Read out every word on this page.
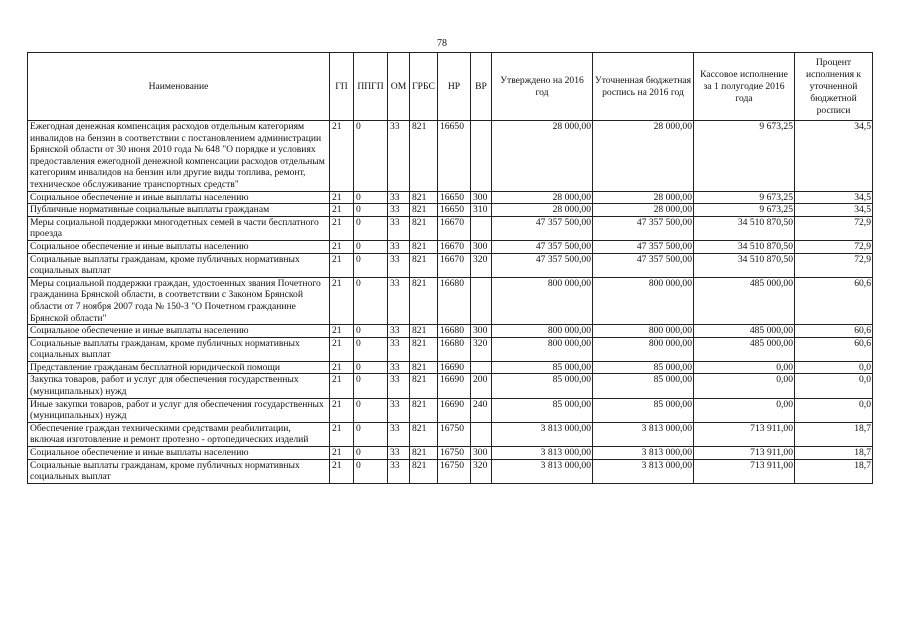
78
Наименование	ГП	ППГП	ОМ	ГРБС	НР	ВР	Утверждено на 2016 год	Уточненная бюджетная роспись на 2016 год	Кассовое исполнение за 1 полугодие 2016 года	Процент исполнения к уточненной бюджетной росписи
Ежегодная денежная компенсация расходов отдельным категориям инвалидов на бензин в соответствии с постановлением администрации Брянской области от 30 июня 2010 года № 648 "О порядке и условиях предоставления ежегодной денежной компенсации расходов отдельным категориям инвалидов на бензин или другие виды топлива, ремонт, техническое обслуживание транспортных средств"	21	0	33	821	16650		28 000,00	28 000,00	9 673,25	34,5
Социальное обеспечение и иные выплаты населению	21	0	33	821	16650	300	28 000,00	28 000,00	9 673,25	34,5
Публичные нормативные социальные выплаты гражданам	21	0	33	821	16650	310	28 000,00	28 000,00	9 673,25	34,5
Меры социальной поддержки многодетных семей в части бесплатного проезда	21	0	33	821	16670		47 357 500,00	47 357 500,00	34 510 870,50	72,9
Социальное обеспечение и иные выплаты населению	21	0	33	821	16670	300	47 357 500,00	47 357 500,00	34 510 870,50	72,9
Социальные выплаты гражданам, кроме публичных нормативных социальных выплат	21	0	33	821	16670	320	47 357 500,00	47 357 500,00	34 510 870,50	72,9
Меры социальной поддержки граждан, удостоенных звания Почетного гражданина Брянской области, в соответствии с Законом Брянской области от 7 ноября 2007 года № 150-З "О Почетном гражданине Брянской области"	21	0	33	821	16680		800 000,00	800 000,00	485 000,00	60,6
Социальное обеспечение и иные выплаты населению	21	0	33	821	16680	300	800 000,00	800 000,00	485 000,00	60,6
Социальные выплаты гражданам, кроме публичных нормативных социальных выплат	21	0	33	821	16680	320	800 000,00	800 000,00	485 000,00	60,6
Представление гражданам бесплатной юридической помощи	21	0	33	821	16690		85 000,00	85 000,00	0,00	0,0
Закупка товаров, работ и услуг для обеспечения государственных (муниципальных) нужд	21	0	33	821	16690	200	85 000,00	85 000,00	0,00	0,0
Иные закупки товаров, работ и услуг для обеспечения государственных (муниципальных) нужд	21	0	33	821	16690	240	85 000,00	85 000,00	0,00	0,0
Обеспечение граждан техническими средствами реабилитации, включая изготовление и ремонт протезно - ортопедических изделий	21	0	33	821	16750		3 813 000,00	3 813 000,00	713 911,00	18,7
Социальное обеспечение и иные выплаты населению	21	0	33	821	16750	300	3 813 000,00	3 813 000,00	713 911,00	18,7
Социальные выплаты гражданам, кроме публичных нормативных социальных выплат	21	0	33	821	16750	320	3 813 000,00	3 813 000,00	713 911,00	18,7
